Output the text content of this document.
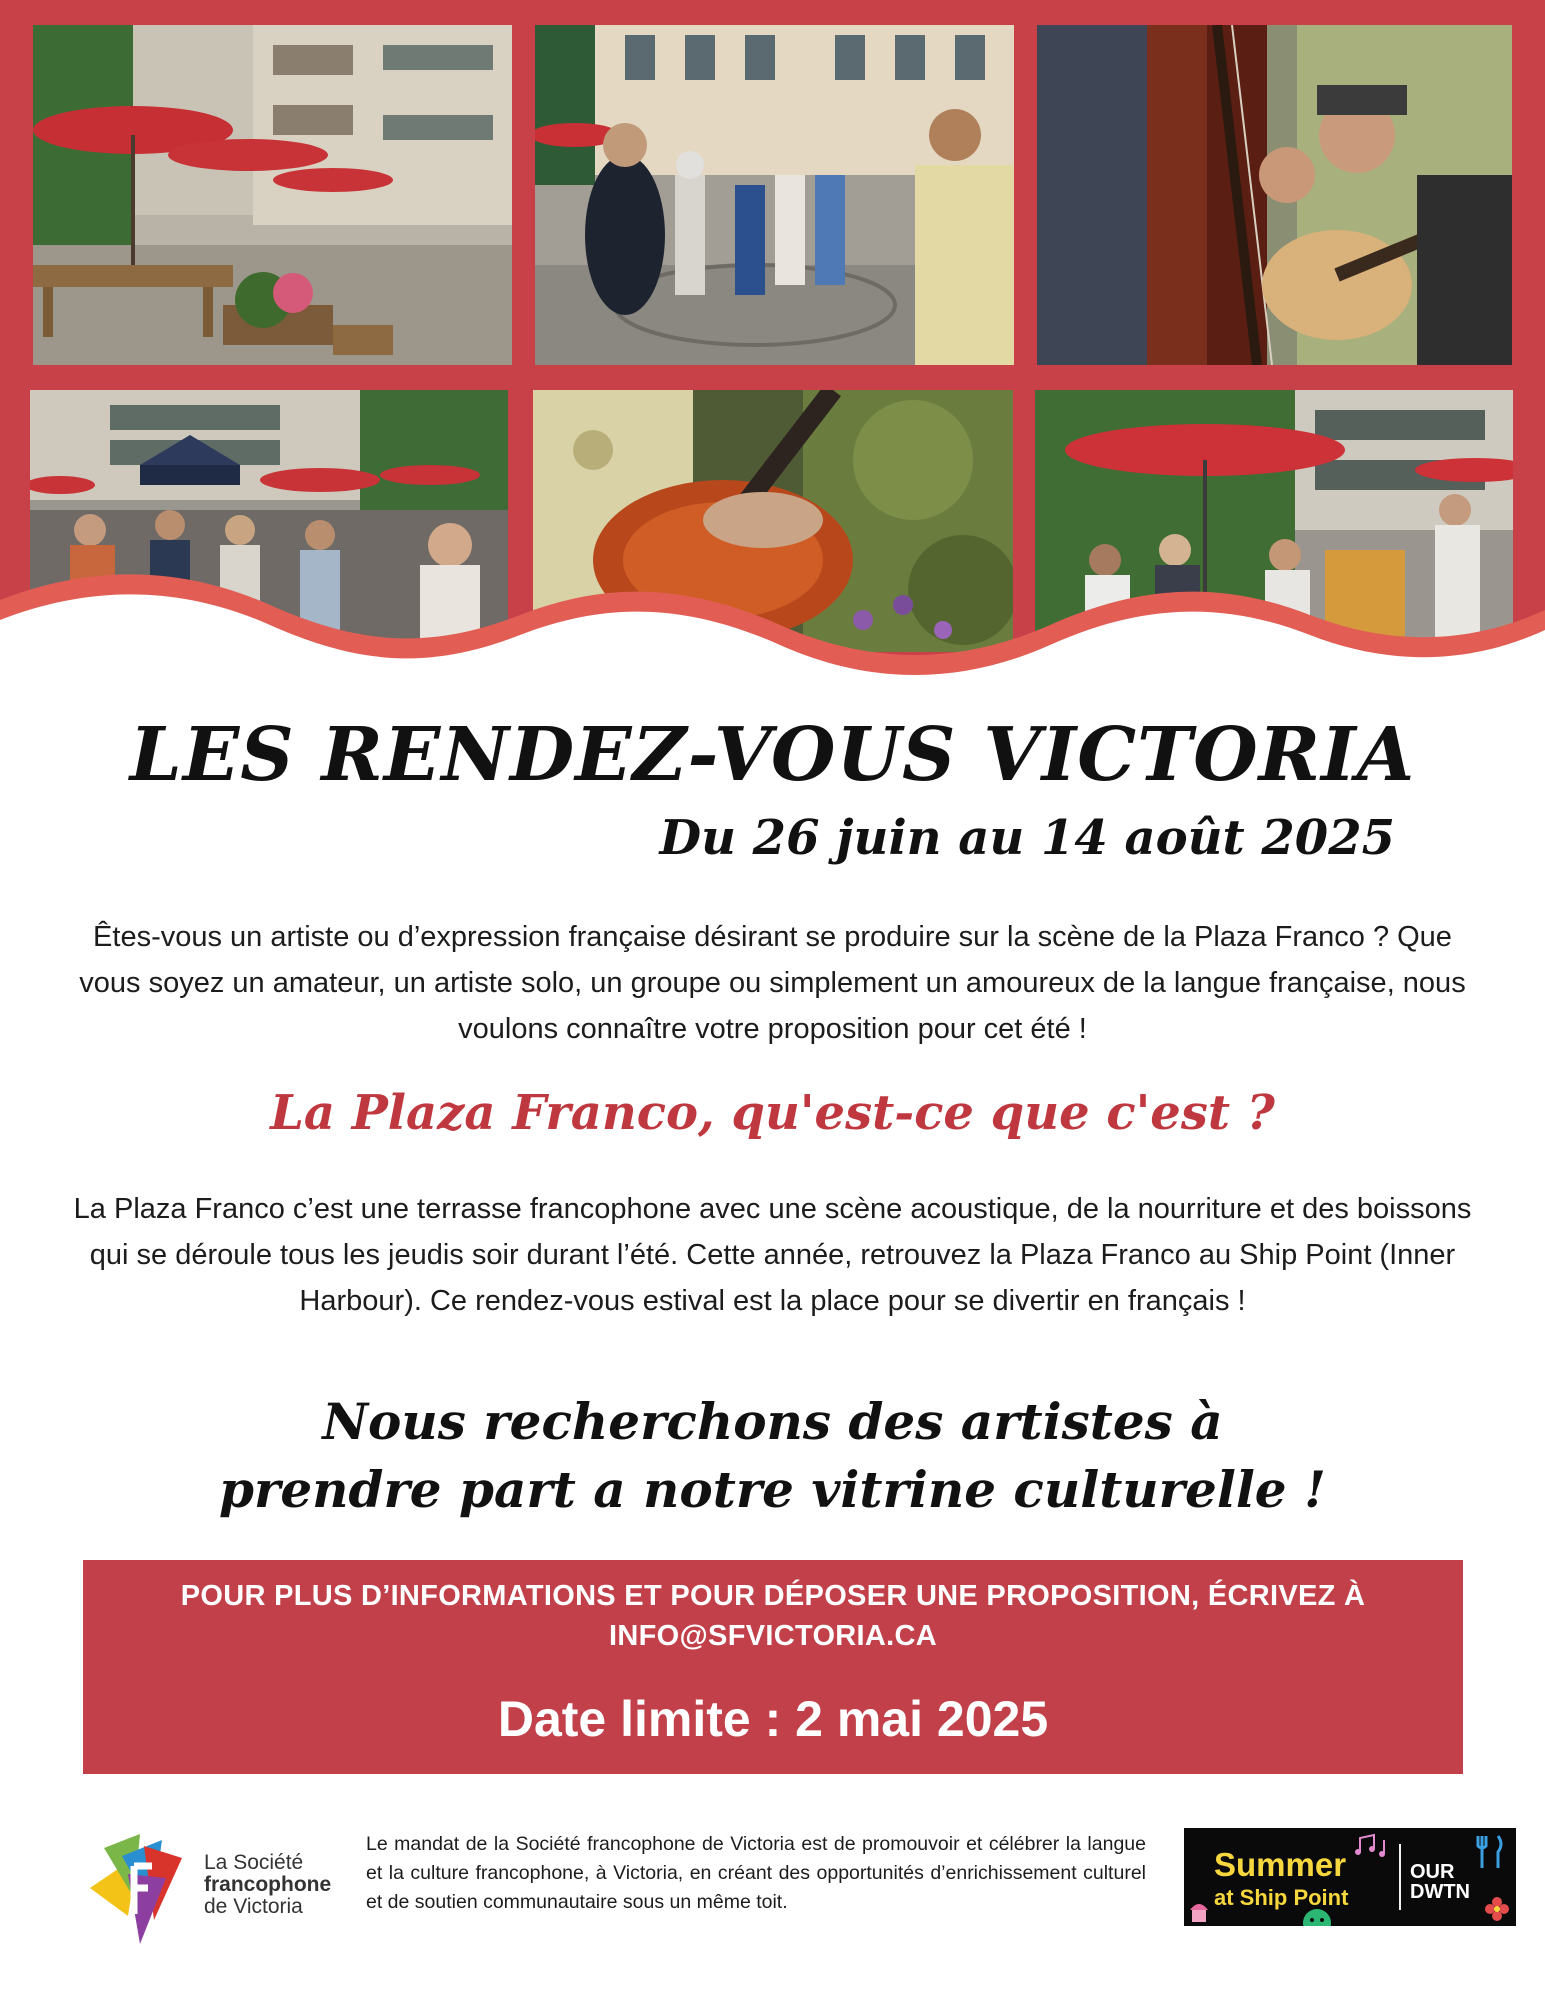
LES RENDEZ-VOUS VICTORIA
Du 26 juin au 14 août 2025

Êtes-vous un artiste ou d’expression française désirant se produire sur la scène de la Plaza Franco ? Que vous soyez un amateur, un artiste solo, un groupe ou simplement un amoureux de la langue française, nous voulons connaître votre proposition pour cet été !

La Plaza Franco, qu'est-ce que c'est ?

La Plaza Franco c’est une terrasse francophone avec une scène acoustique, de la nourriture et des boissons qui se déroule tous les jeudis soir durant l’été. Cette année, retrouvez la Plaza Franco au Ship Point (Inner Harbour). Ce rendez-vous estival est la place pour se divertir en français !

Nous recherchons des artistes à
prendre part a notre vitrine culturelle !

POUR PLUS D’INFORMATIONS ET POUR DÉPOSER UNE PROPOSITION, ÉCRIVEZ À

INFO@SFVICTORIA.CA

Date limite : 2 mai 2025

La Société
francophone
de Victoria

Le mandat de la Société francophone de Victoria est de promouvoir et célébrer la langue et la culture francophone, à Victoria, en créant des opportunités d’enrichissement culturel et de soutien communautaire sous un même toit.

Summer

at Ship Point

OUR
DWTN
